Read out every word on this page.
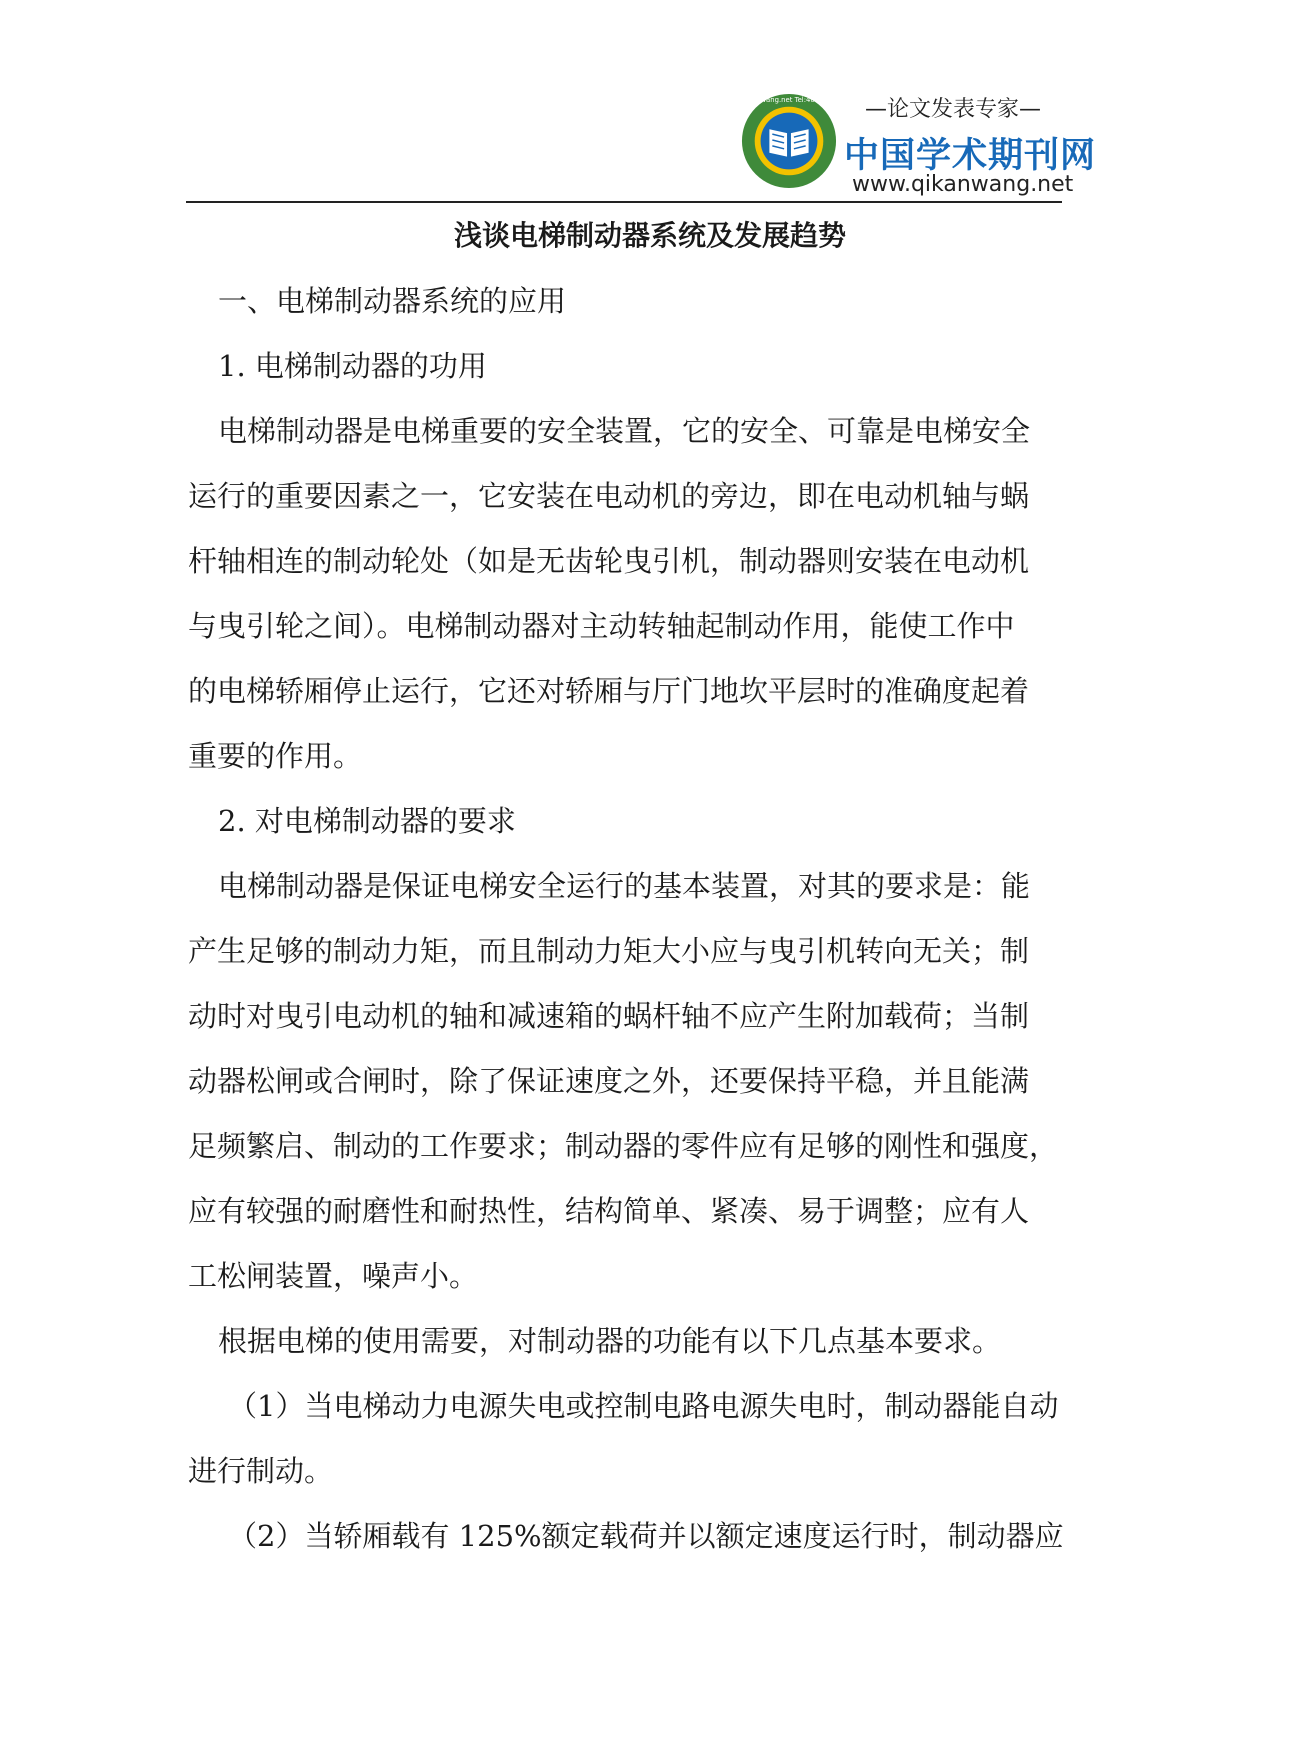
www.qikanwang.net Tel:400-800-1721 —论文发表专家—
中国学术期刊网
www.qikanwang.net
浅谈电梯制动器系统及发展趋势
一、电梯制动器系统的应用
1. 电梯制动器的功用
电梯制动器是电梯重要的安全装置，它的安全、可靠是电梯安全
运行的重要因素之一，它安装在电动机的旁边，即在电动机轴与蜗
杆轴相连的制动轮处（如是无齿轮曳引机，制动器则安装在电动机
与曳引轮之间）。电梯制动器对主动转轴起制动作用，能使工作中
的电梯轿厢停止运行，它还对轿厢与厅门地坎平层时的准确度起着
重要的作用。
2. 对电梯制动器的要求
电梯制动器是保证电梯安全运行的基本装置，对其的要求是：能
产生足够的制动力矩，而且制动力矩大小应与曳引机转向无关；制
动时对曳引电动机的轴和减速箱的蜗杆轴不应产生附加载荷；当制
动器松闸或合闸时，除了保证速度之外，还要保持平稳，并且能满
足频繁启、制动的工作要求；制动器的零件应有足够的刚性和强度，
应有较强的耐磨性和耐热性，结构简单、紧凑、易于调整；应有人
工松闸装置，噪声小。
根据电梯的使用需要，对制动器的功能有以下几点基本要求。
（1）当电梯动力电源失电或控制电路电源失电时，制动器能自动
进行制动。
（2）当轿厢载有 125%额定载荷并以额定速度运行时，制动器应
